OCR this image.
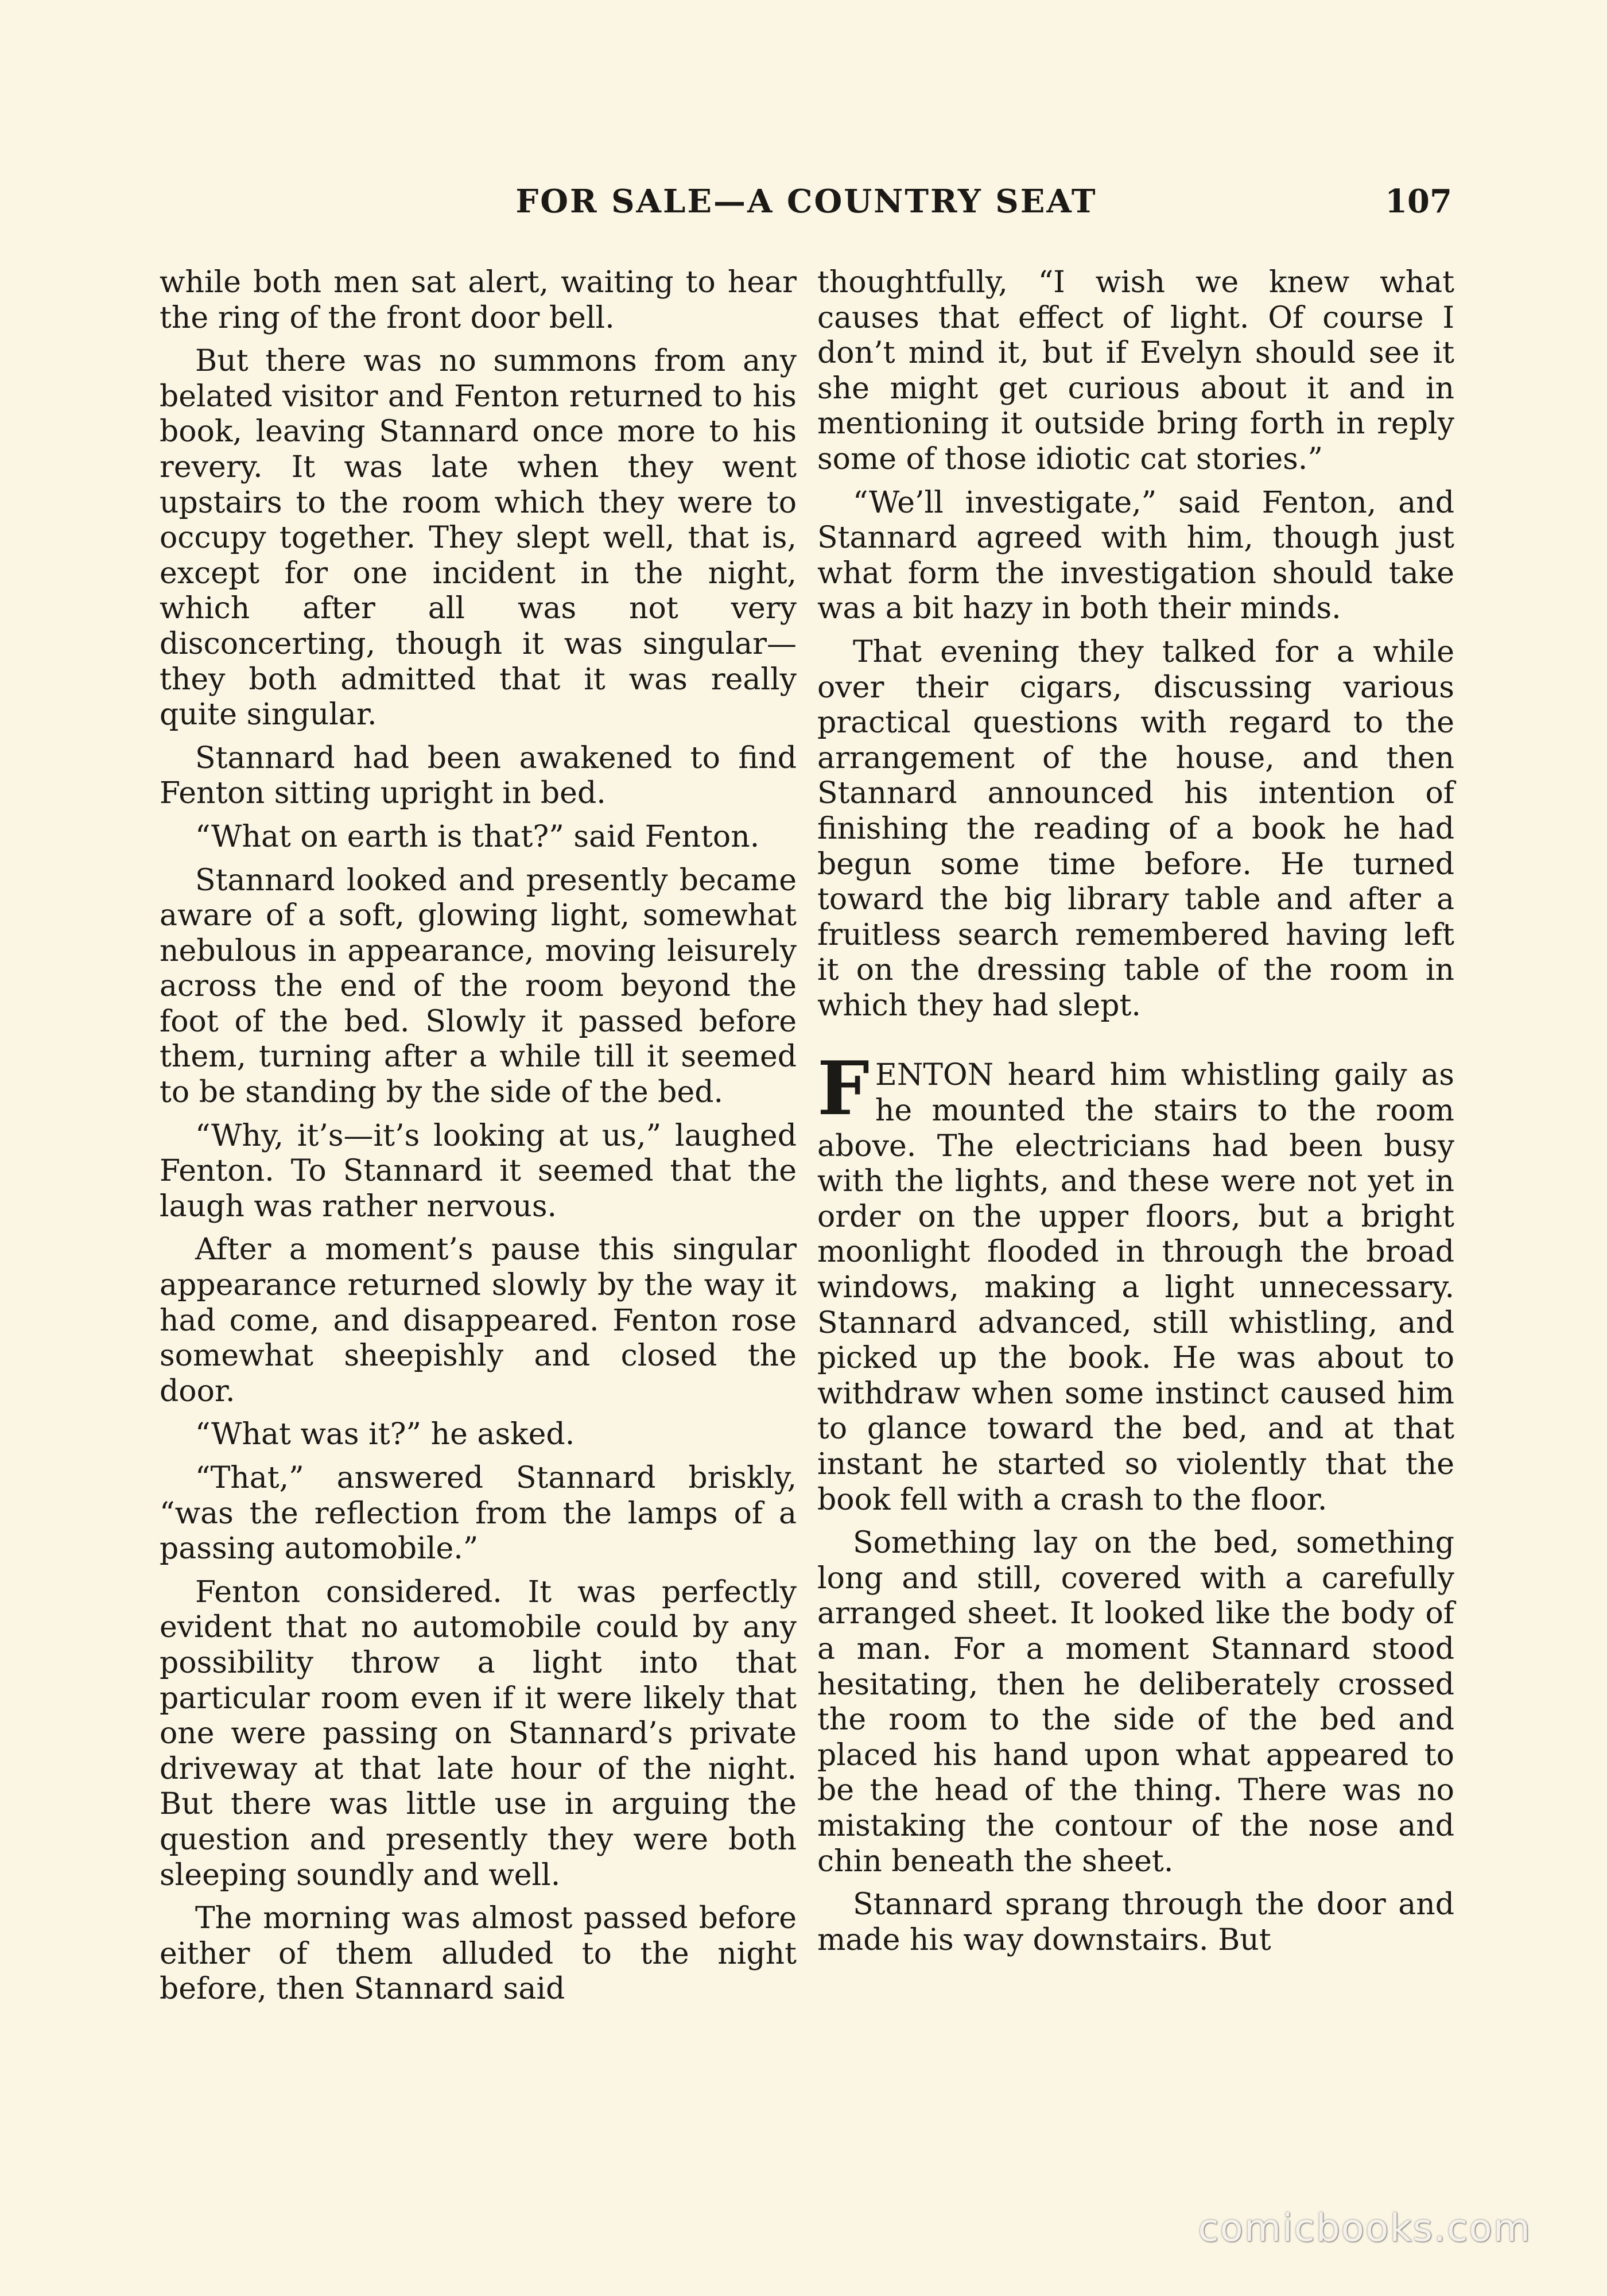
FOR SALE—A COUNTRY SEAT	107

while both men sat alert, waiting to hear the ring of the front door bell.

But there was no summons from any belated visitor and Fenton returned to his book, leaving Stannard once more to his revery. It was late when they went upstairs to the room which they were to occupy together. They slept well, that is, except for one incident in the night, which after all was not very disconcerting, though it was singular—they both admitted that it was really quite singular.

Stannard had been awakened to find Fenton sitting upright in bed.

“What on earth is that?” said Fenton.

Stannard looked and presently became aware of a soft, glowing light, somewhat nebulous in appearance, moving leisurely across the end of the room beyond the foot of the bed. Slowly it passed before them, turning after a while till it seemed to be standing by the side of the bed.

“Why, it’s—it’s looking at us,” laughed Fenton. To Stannard it seemed that the laugh was rather nervous.

After a moment’s pause this singular appearance returned slowly by the way it had come, and disappeared. Fenton rose somewhat sheepishly and closed the door.

“What was it?” he asked.

“That,” answered Stannard briskly, “was the reflection from the lamps of a passing automobile.”

Fenton considered. It was perfectly evident that no automobile could by any possibility throw a light into that particular room even if it were likely that one were passing on Stannard’s private driveway at that late hour of the night. But there was little use in arguing the question and presently they were both sleeping soundly and well.

The morning was almost passed before either of them alluded to the night before, then Stannard said

thoughtfully, “I wish we knew what causes that effect of light. Of course I don’t mind it, but if Evelyn should see it she might get curious about it and in mentioning it outside bring forth in reply some of those idiotic cat stories.”

“We’ll investigate,” said Fenton, and Stannard agreed with him, though just what form the investigation should take was a bit hazy in both their minds.

That evening they talked for a while over their cigars, discussing various practical questions with regard to the arrangement of the house, and then Stannard announced his intention of finishing the reading of a book he had begun some time before. He turned toward the big library table and after a fruitless search remembered having left it on the dressing table of the room in which they had slept.

FENTON heard him whistling gaily as he mounted the stairs to the room above. The electricians had been busy with the lights, and these were not yet in order on the upper floors, but a bright moonlight flooded in through the broad windows, making a light unnecessary. Stannard advanced, still whistling, and picked up the book. He was about to withdraw when some instinct caused him to glance toward the bed, and at that instant he started so violently that the book fell with a crash to the floor.

Something lay on the bed, something long and still, covered with a carefully arranged sheet. It looked like the body of a man. For a moment Stannard stood hesitating, then he deliberately crossed the room to the side of the bed and placed his hand upon what appeared to be the head of the thing. There was no mistaking the contour of the nose and chin beneath the sheet.

Stannard sprang through the door and made his way downstairs. But

comicbooks.com
